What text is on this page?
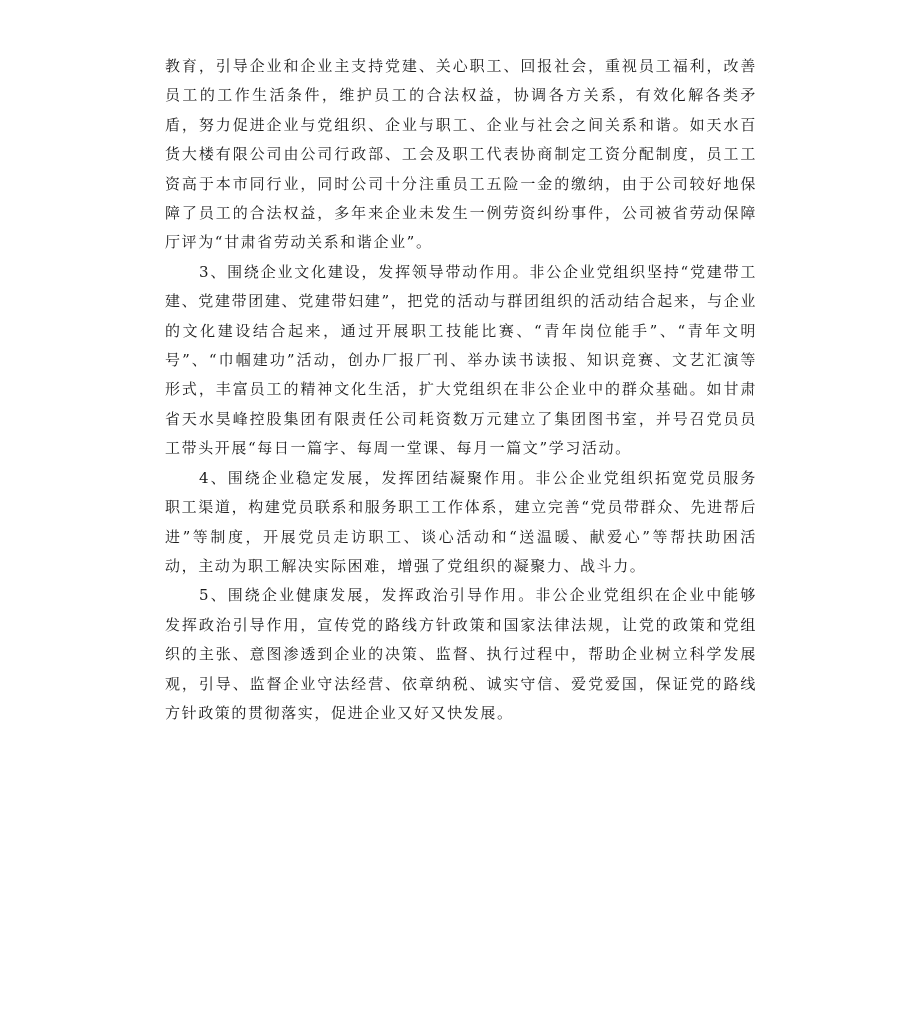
教育，引导企业和企业主支持党建、关心职工、回报社会，重视员工福利，改善员工的工作生活条件，维护员工的合法权益，协调各方关系，有效化解各类矛盾，努力促进企业与党组织、企业与职工、企业与社会之间关系和谐。如天水百货大楼有限公司由公司行政部、工会及职工代表协商制定工资分配制度，员工工资高于本市同行业，同时公司十分注重员工五险一金的缴纳，由于公司较好地保障了员工的合法权益，多年来企业未发生一例劳资纠纷事件，公司被省劳动保障厅评为“甘肃省劳动关系和谐企业”。

3、围绕企业文化建设，发挥领导带动作用。非公企业党组织坚持“党建带工建、党建带团建、党建带妇建”，把党的活动与群团组织的活动结合起来，与企业的文化建设结合起来，通过开展职工技能比赛、“青年岗位能手”、“青年文明号”、“巾帼建功”活动，创办厂报厂刊、举办读书读报、知识竞赛、文艺汇演等形式，丰富员工的精神文化生活，扩大党组织在非公企业中的群众基础。如甘肃省天水昊峰控股集团有限责任公司耗资数万元建立了集团图书室，并号召党员员工带头开展“每日一篇字、每周一堂课、每月一篇文”学习活动。

4、围绕企业稳定发展，发挥团结凝聚作用。非公企业党组织拓宽党员服务职工渠道，构建党员联系和服务职工工作体系，建立完善“党员带群众、先进帮后进”等制度，开展党员走访职工、谈心活动和“送温暖、献爱心”等帮扶助困活动，主动为职工解决实际困难，增强了党组织的凝聚力、战斗力。

5、围绕企业健康发展，发挥政治引导作用。非公企业党组织在企业中能够发挥政治引导作用，宣传党的路线方针政策和国家法律法规，让党的政策和党组织的主张、意图渗透到企业的决策、监督、执行过程中，帮助企业树立科学发展观，引导、监督企业守法经营、依章纳税、诚实守信、爱党爱国，保证党的路线方针政策的贯彻落实，促进企业又好又快发展。
